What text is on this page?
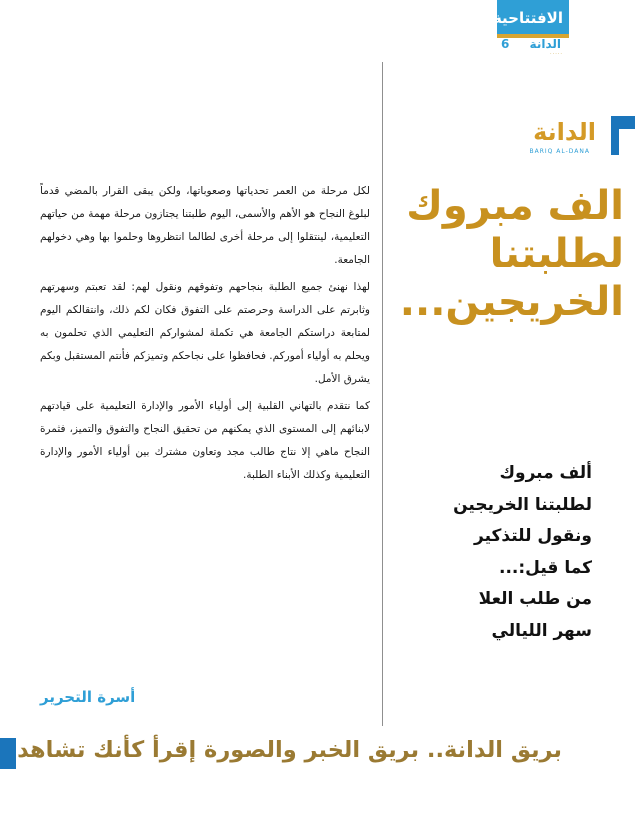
الافتتاحية
الدانة
6
·····
الدانة
BARIQ AL-DANA
الف مبروك
لطلبتنا
الخريجين...

لكل مرحلة من العمر تحدياتها وصعوباتها، ولكن يبقى القرار بالمضي قدماً لبلوغ النجاح هو الأهم والأسمى، اليوم طلبتنا يجتازون مرحلة مهمة من حياتهم التعليمية، لينتقلوا إلى مرحلة أخرى لطالما انتظروها وحلموا بها وهي دخولهم الجامعة.

لهذا نهنئ جميع الطلبة بنجاحهم وتفوقهم ونقول لهم: لقد تعبتم وسهرتهم وثابرتم على الدراسة وحرصتم على التفوق فكان لكم ذلك، وانتقالكم اليوم لمتابعة دراستكم الجامعة هي تكملة لمشواركم التعليمي الذي تحلمون به ويحلم به أولياء أموركم. فحافظوا على نجاحكم وتميزكم فأنتم المستقبل وبكم يشرق الأمل.

كما نتقدم بالتهاني القلبية إلى أولياء الأمور والإدارة التعليمية على قيادتهم لابنائهم إلى المستوى الذي يمكنهم من تحقيق النجاح والتفوق والتميز، فثمرة النجاح ماهي إلا نتاج طالب مجد وتعاون مشترك بين أولياء الأمور والإدارة التعليمية وكذلك الأبناء الطلبة.

أسرة التحرير
ألف مبروك
لطلبتنا الخريجين
ونقول للتذكير
كما قيل:...
من طلب العلا
سهر الليالي
بريق الدانة.. بريق الخبر والصورة إقرأ كأنك تشاهد
